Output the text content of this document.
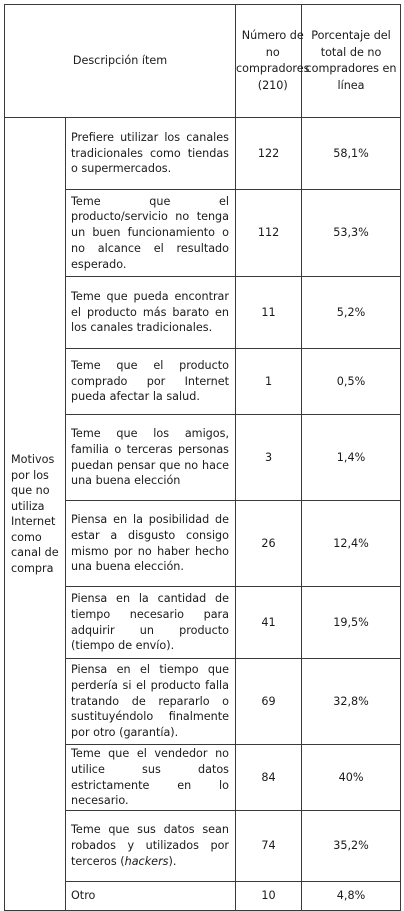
Descripción ítem		Número de no compradores (210)	Porcentaje del total de no compradores en línea
Motivos por los que no utiliza Internet como canal de compra	Prefiere utilizar los canales tradicionales como tiendas o supermercados.	122	58,1%
	Teme que el producto/servicio no tenga un buen funcionamiento o no alcance el resultado esperado.	112	53,3%
	Teme que pueda encontrar el producto más barato en los canales tradicionales.	11	5,2%
	Teme que el producto comprado por Internet pueda afectar la salud.	1	0,5%
	Teme que los amigos, familia o terceras personas puedan pensar que no hace una buena elección	3	1,4%
	Piensa en la posibilidad de estar a disgusto consigo mismo por no haber hecho una buena elección.	26	12,4%
	Piensa en la cantidad de tiempo necesario para adquirir un producto (tiempo de envío).	41	19,5%
	Piensa en el tiempo que perdería si el producto falla tratando de repararlo o sustituyéndolo finalmente por otro (garantía).	69	32,8%
	Teme que el vendedor no utilice sus datos estrictamente en lo necesario.	84	40%
	Teme que sus datos sean robados y utilizados por terceros (hackers).	74	35,2%
	Otro	10	4,8%
